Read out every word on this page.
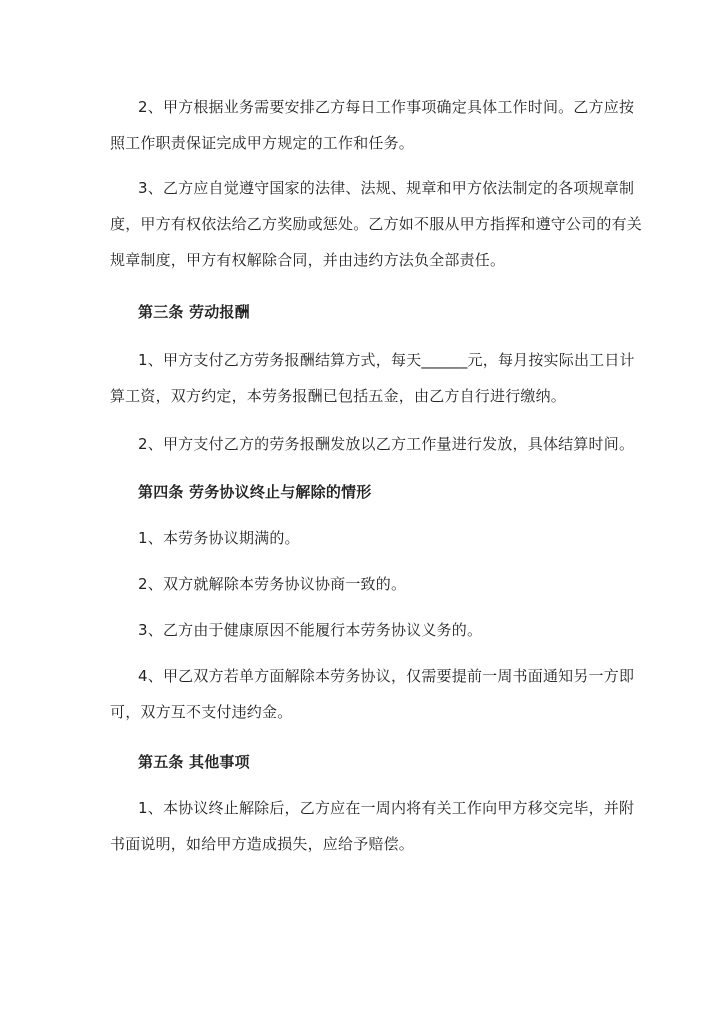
2、甲方根据业务需要安排乙方每日工作事项确定具体工作时间。乙方应按
照工作职责保证完成甲方规定的工作和任务。
3、乙方应自觉遵守国家的法律、法规、规章和甲方依法制定的各项规章制
度，甲方有权依法给乙方奖励或惩处。乙方如不服从甲方指挥和遵守公司的有关
规章制度，甲方有权解除合同，并由违约方法负全部责任。
第三条 劳动报酬
1、甲方支付乙方劳务报酬结算方式，每天______元，每月按实际出工日计
算工资，双方约定，本劳务报酬已包括五金，由乙方自行进行缴纳。
2、甲方支付乙方的劳务报酬发放以乙方工作量进行发放，具体结算时间。
第四条 劳务协议终止与解除的情形
1、本劳务协议期满的。
2、双方就解除本劳务协议协商一致的。
3、乙方由于健康原因不能履行本劳务协议义务的。
4、甲乙双方若单方面解除本劳务协议，仅需要提前一周书面通知另一方即
可，双方互不支付违约金。
第五条 其他事项
1、本协议终止解除后，乙方应在一周内将有关工作向甲方移交完毕，并附
书面说明，如给甲方造成损失，应给予赔偿。
